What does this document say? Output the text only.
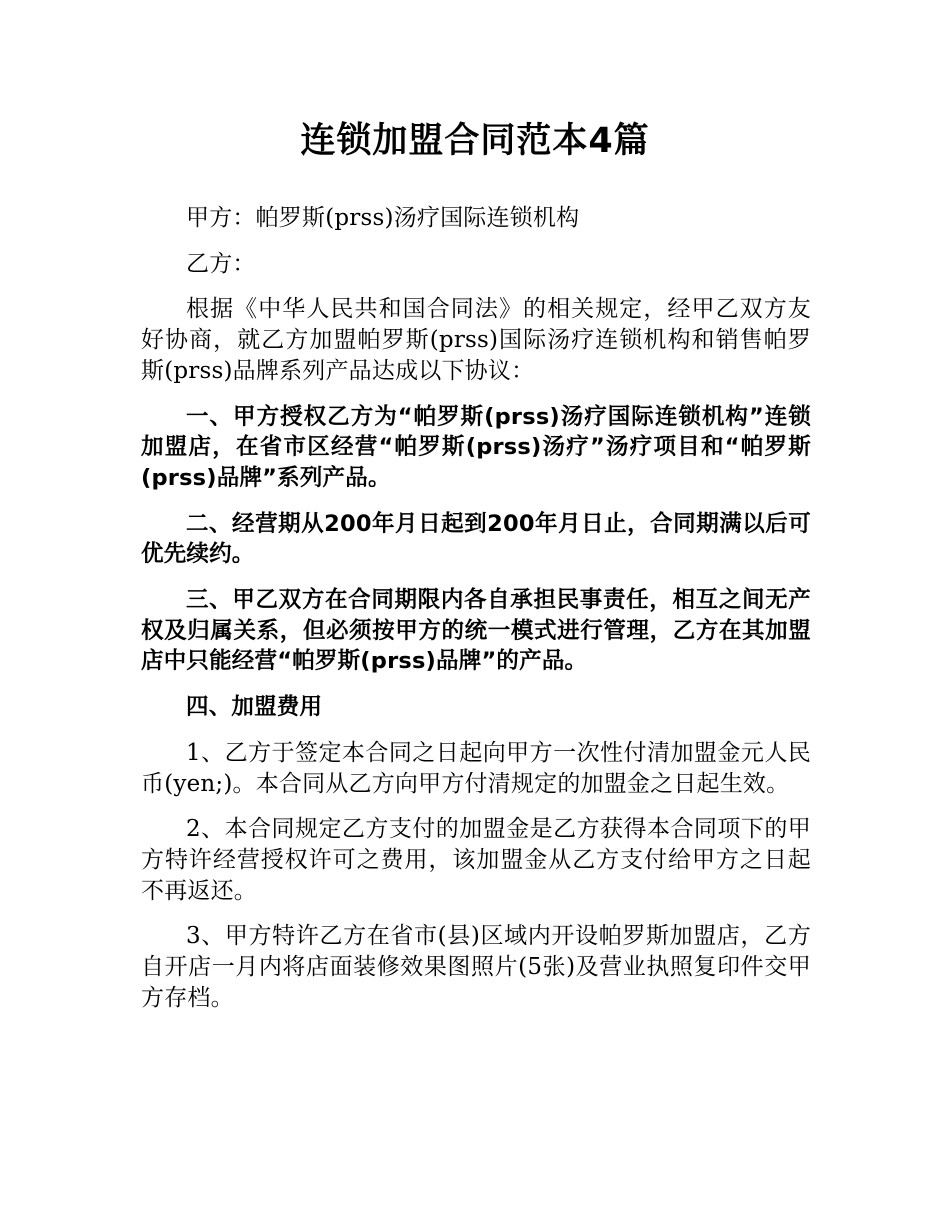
连锁加盟合同范本4篇

甲方：帕罗斯(prss)汤疗国际连锁机构

乙方：

根据《中华人民共和国合同法》的相关规定，经甲乙双方友好协商，就乙方加盟帕罗斯(prss)国际汤疗连锁机构和销售帕罗斯(prss)品牌系列产品达成以下协议：

一、甲方授权乙方为“帕罗斯(prss)汤疗国际连锁机构”连锁加盟店，在省市区经营“帕罗斯(prss)汤疗”汤疗项目和“帕罗斯(prss)品牌”系列产品。

二、经营期从200年月日起到200年月日止，合同期满以后可优先续约。

三、甲乙双方在合同期限内各自承担民事责任，相互之间无产权及归属关系，但必须按甲方的统一模式进行管理，乙方在其加盟店中只能经营“帕罗斯(prss)品牌”的产品。

四、加盟费用

1、乙方于签定本合同之日起向甲方一次性付清加盟金元人民币(yen;)。本合同从乙方向甲方付清规定的加盟金之日起生效。

2、本合同规定乙方支付的加盟金是乙方获得本合同项下的甲方特许经营授权许可之费用，该加盟金从乙方支付给甲方之日起不再返还。

3、甲方特许乙方在省市(县)区域内开设帕罗斯加盟店，乙方自开店一月内将店面装修效果图照片(5张)及营业执照复印件交甲方存档。
